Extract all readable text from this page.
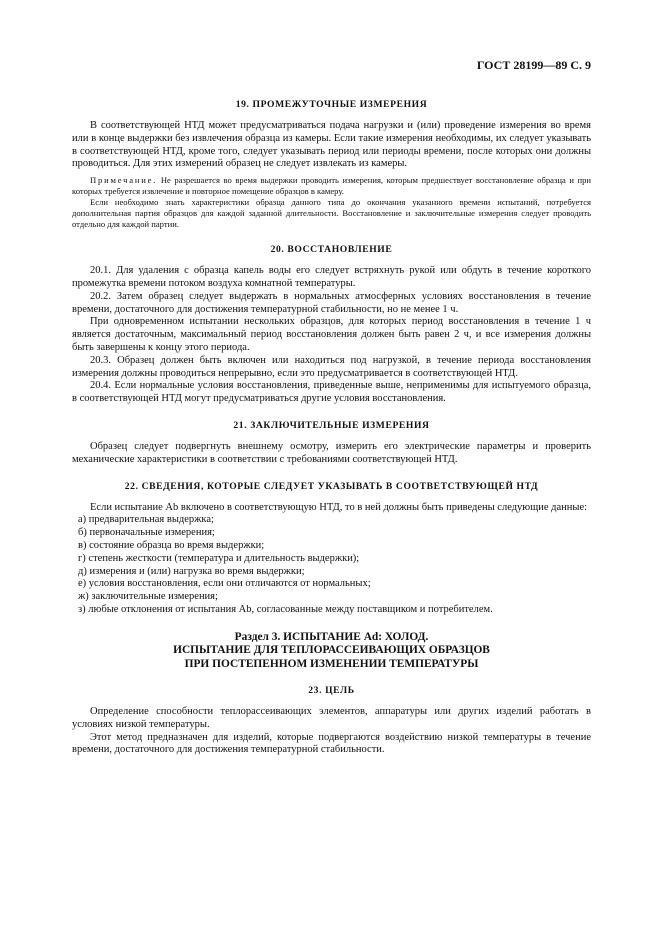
ГОСТ 28199—89 С. 9
19. ПРОМЕЖУТОЧНЫЕ ИЗМЕРЕНИЯ

В соответствующей НТД может предусматриваться подача нагрузки и (или) проведение измерения во время или в конце выдержки без извлечения образца из камеры. Если такие измерения необходимы, их следует указывать в соответствующей НТД, кроме того, следует указывать период или периоды времени, после которых они должны проводиться. Для этих измерений образец не следует извлекать из камеры.

Примечание. Не разрешается во время выдержки проводить измерения, которым предшествует восстановление образца и при которых требуется извлечение и повторное помещение образцов в камеру.

Если необходимо знать характеристики образца данного типа до окончания указанного времени испытаний, потребуется дополнительная партия образцов для каждой заданной длительности. Восстановление и заключительные измерения следует проводить отдельно для каждой партии.

20. ВОССТАНОВЛЕНИЕ

20.1. Для удаления с образца капель воды его следует встряхнуть рукой или обдуть в течение короткого промежутка времени потоком воздуха комнатной температуры.

20.2. Затем образец следует выдержать в нормальных атмосферных условиях восстановления в течение времени, достаточного для достижения температурной стабильности, но не менее 1 ч.

При одновременном испытании нескольких образцов, для которых период восстановления в течение 1 ч является достаточным, максимальный период восстановления должен быть равен 2 ч, и все измерения должны быть завершены к концу этого периода.

20.3. Образец должен быть включен или находиться под нагрузкой, в течение периода восстановления измерения должны проводиться непрерывно, если это предусматривается в соответствующей НТД.

20.4. Если нормальные условия восстановления, приведенные выше, неприменимы для испытуемого образца, в соответствующей НТД могут предусматриваться другие условия восстановления.

21. ЗАКЛЮЧИТЕЛЬНЫЕ ИЗМЕРЕНИЯ

Образец следует подвергнуть внешнему осмотру, измерить его электрические параметры и проверить механические характеристики в соответствии с требованиями соответствующей НТД.

22. СВЕДЕНИЯ, КОТОРЫЕ СЛЕДУЕТ УКАЗЫВАТЬ В СООТВЕТСТВУЮЩЕЙ НТД

Если испытание Ab включено в соответствующую НТД, то в ней должны быть приведены следующие данные:

а) предварительная выдержка;
б) первоначальные измерения;
в) состояние образца во время выдержки;
г) степень жесткости (температура и длительность выдержки);
д) измерения и (или) нагрузка во время выдержки;
е) условия восстановления, если они отличаются от нормальных;
ж) заключительные измерения;
з) любые отклонения от испытания Ab, согласованные между поставщиком и потребителем.
Раздел 3. ИСПЫТАНИЕ Ad: ХОЛОД.
ИСПЫТАНИЕ ДЛЯ ТЕПЛОРАССЕИВАЮЩИХ ОБРАЗЦОВ
ПРИ ПОСТЕПЕННОМ ИЗМЕНЕНИИ ТЕМПЕРАТУРЫ
23. ЦЕЛЬ

Определение способности теплорассеивающих элементов, аппаратуры или других изделий работать в условиях низкой температуры.

Этот метод предназначен для изделий, которые подвергаются воздействию низкой температуры в течение времени, достаточного для достижения температурной стабильности.
